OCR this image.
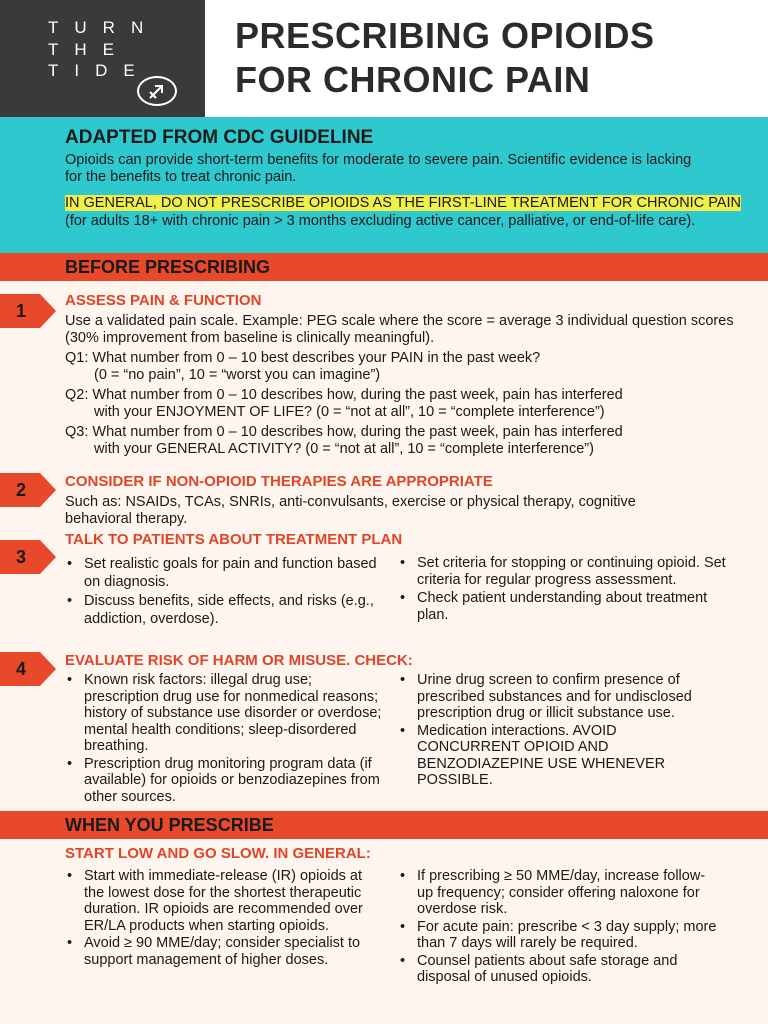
TURN
THE
TIDE
PRESCRIBING OPIOIDS
FOR CHRONIC PAIN
ADAPTED FROM CDC GUIDELINE
Opioids can provide short-term benefits for moderate to severe pain. Scientific evidence is lacking for the benefits to treat chronic pain.
IN GENERAL, DO NOT PRESCRIBE OPIOIDS AS THE FIRST-LINE TREATMENT FOR CHRONIC PAIN (for adults 18+ with chronic pain > 3 months excluding active cancer, palliative, or end-of-life care).
BEFORE PRESCRIBING
1
ASSESS PAIN & FUNCTION
Use a validated pain scale. Example: PEG scale where the score = average 3 individual question scores (30% improvement from baseline is clinically meaningful).
Q1: What number from 0 – 10 best describes your PAIN in the past week?
(0 = “no pain”, 10 = “worst you can imagine”)
Q2: What number from 0 – 10 describes how, during the past week, pain has interfered
with your ENJOYMENT OF LIFE? (0 = “not at all”, 10 = “complete interference”)
Q3: What number from 0 – 10 describes how, during the past week, pain has interfered
with your GENERAL ACTIVITY? (0 = “not at all”, 10 = “complete interference”)
2	CONSIDER IF NON-OPIOID THERAPIES ARE APPROPRIATE
Such as: NSAIDs, TCAs, SNRIs, anti-convulsants, exercise or physical therapy, cognitive behavioral therapy.
3
TALK TO PATIENTS ABOUT TREATMENT PLAN
• Set realistic goals for pain and function based on diagnosis.
• Discuss benefits, side effects, and risks (e.g., addiction, overdose).
• Set criteria for stopping or continuing opioid. Set criteria for regular progress assessment.
• Check patient understanding about treatment plan.
4	EVALUATE RISK OF HARM OR MISUSE. CHECK:
• Known risk factors: illegal drug use; prescription drug use for nonmedical reasons; history of substance use disorder or overdose; mental health conditions; sleep-disordered breathing.
• Prescription drug monitoring program data (if available) for opioids or benzodiazepines from other sources.
• Urine drug screen to confirm presence of prescribed substances and for undisclosed prescription drug or illicit substance use.
• Medication interactions. AVOID CONCURRENT OPIOID AND BENZODIAZEPINE USE WHENEVER POSSIBLE.
WHEN YOU PRESCRIBE
START LOW AND GO SLOW. IN GENERAL:
• Start with immediate-release (IR) opioids at the lowest dose for the shortest therapeutic duration. IR opioids are recommended over ER/LA products when starting opioids.
• Avoid ≥ 90 MME/day; consider specialist to support management of higher doses.
• If prescribing ≥ 50 MME/day, increase follow-up frequency; consider offering naloxone for overdose risk.
• For acute pain: prescribe < 3 day supply; more than 7 days will rarely be required.
• Counsel patients about safe storage and disposal of unused opioids.
